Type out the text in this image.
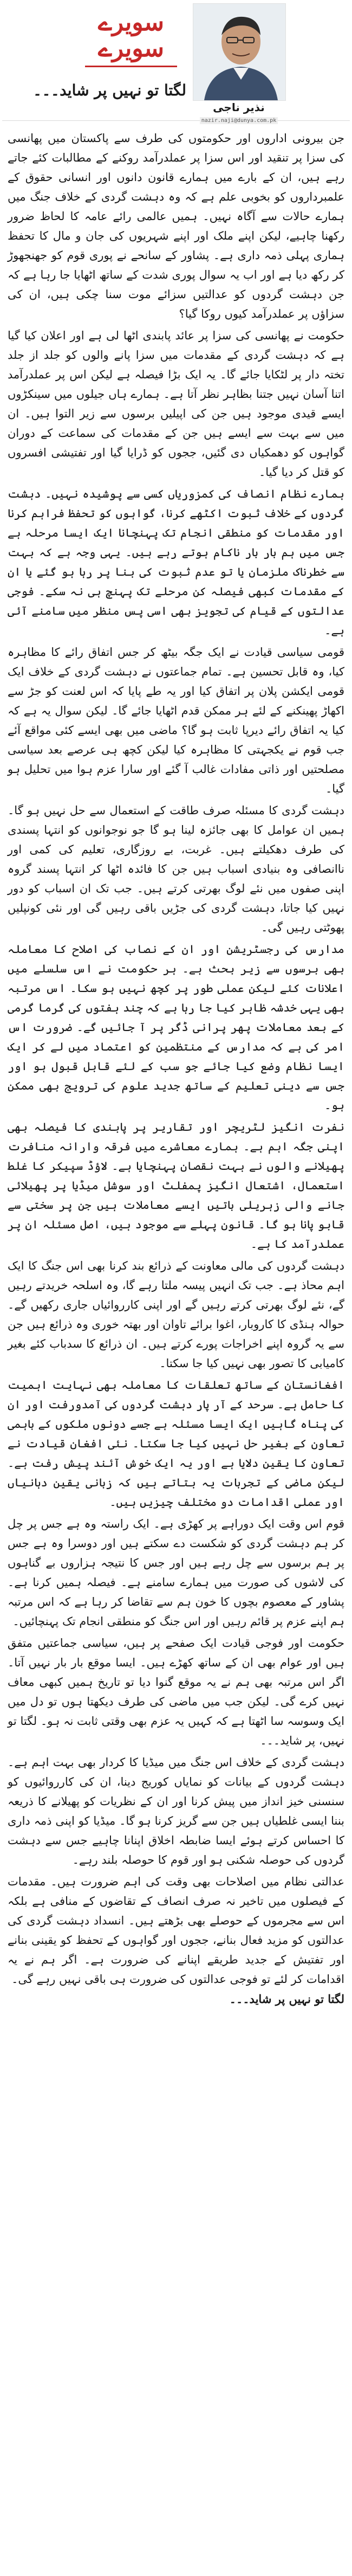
سویرے سویرے
لگتا تو نہیں پر شاید۔۔۔
نذیر ناجی
nazir.naji@dunya.com.pk

جن بیرونی اداروں اور حکومتوں کی طرف سے پاکستان میں پھانسی کی سزا پر تنقید اور اس سزا پر عملدرآمد روکنے کے مطالبات کئے جاتے رہے ہیں، ان کے بارے میں ہمارے قانون دانوں اور انسانی حقوق کے علمبرداروں کو بخوبی علم ہے کہ وہ دہشت گردی کے خلاف جنگ میں ہمارے حالات سے آگاہ نہیں۔ ہمیں عالمی رائے عامہ کا لحاظ ضرور رکھنا چاہیے، لیکن اپنے ملک اور اپنے شہریوں کی جان و مال کا تحفظ ہماری پہلی ذمہ داری ہے۔ پشاور کے سانحے نے پوری قوم کو جھنجھوڑ کر رکھ دیا ہے اور اب یہ سوال پوری شدت کے ساتھ اٹھایا جا رہا ہے کہ جن دہشت گردوں کو عدالتیں سزائے موت سنا چکی ہیں، ان کی سزاؤں پر عملدرآمد کیوں روکا گیا؟

حکومت نے پھانسی کی سزا پر عائد پابندی اٹھا لی ہے اور اعلان کیا گیا ہے کہ دہشت گردی کے مقدمات میں سزا پانے والوں کو جلد از جلد تختہ دار پر لٹکایا جائے گا۔ یہ ایک بڑا فیصلہ ہے لیکن اس پر عملدرآمد اتنا آسان نہیں جتنا بظاہر نظر آتا ہے۔ ہمارے ہاں جیلوں میں سینکڑوں ایسے قیدی موجود ہیں جن کی اپیلیں برسوں سے زیر التوا ہیں۔ ان میں سے بہت سے ایسے ہیں جن کے مقدمات کی سماعت کے دوران گواہوں کو دھمکیاں دی گئیں، ججوں کو ڈرایا گیا اور تفتیشی افسروں کو قتل کر دیا گیا۔

ہمارے نظام انصاف کی کمزوریاں کسی سے پوشیدہ نہیں۔ دہشت گردوں کے خلاف ثبوت اکٹھے کرنا، گواہوں کو تحفظ فراہم کرنا اور مقدمات کو منطقی انجام تک پہنچانا ایک ایسا مرحلہ ہے جس میں ہم بار بار ناکام ہوتے رہے ہیں۔ یہی وجہ ہے کہ بہت سے خطرناک ملزمان یا تو عدم ثبوت کی بنا پر رہا ہو گئے یا ان کے مقدمات کبھی فیصلہ کن مرحلے تک پہنچ ہی نہ سکے۔ فوجی عدالتوں کے قیام کی تجویز بھی اسی پس منظر میں سامنے آئی ہے۔

قومی سیاسی قیادت نے ایک جگہ بیٹھ کر جس اتفاق رائے کا مظاہرہ کیا، وہ قابل تحسین ہے۔ تمام جماعتوں نے دہشت گردی کے خلاف ایک قومی ایکشن پلان پر اتفاق کیا اور یہ طے پایا کہ اس لعنت کو جڑ سے اکھاڑ پھینکنے کے لئے ہر ممکن قدم اٹھایا جائے گا۔ لیکن سوال یہ ہے کہ کیا یہ اتفاق رائے دیرپا ثابت ہو گا؟ ماضی میں بھی ایسے کئی مواقع آئے جب قوم نے یکجہتی کا مظاہرہ کیا لیکن کچھ ہی عرصے بعد سیاسی مصلحتیں اور ذاتی مفادات غالب آ گئے اور سارا عزم ہوا میں تحلیل ہو گیا۔

دہشت گردی کا مسئلہ صرف طاقت کے استعمال سے حل نہیں ہو گا۔ ہمیں ان عوامل کا بھی جائزہ لینا ہو گا جو نوجوانوں کو انتہا پسندی کی طرف دھکیلتے ہیں۔ غربت، بے روزگاری، تعلیم کی کمی اور ناانصافی وہ بنیادی اسباب ہیں جن کا فائدہ اٹھا کر انتہا پسند گروہ اپنی صفوں میں نئے لوگ بھرتی کرتے ہیں۔ جب تک ان اسباب کو دور نہیں کیا جاتا، دہشت گردی کی جڑیں باقی رہیں گی اور نئی کونپلیں پھوٹتی رہیں گی۔

مدارس کی رجسٹریشن اور ان کے نصاب کی اصلاح کا معاملہ بھی برسوں سے زیر بحث ہے۔ ہر حکومت نے اس سلسلے میں اعلانات کئے لیکن عملی طور پر کچھ نہیں ہو سکا۔ اس مرتبہ بھی یہی خدشہ ظاہر کیا جا رہا ہے کہ چند ہفتوں کی گرما گرمی کے بعد معاملات پھر پرانی ڈگر پر آ جائیں گے۔ ضرورت اس امر کی ہے کہ مدارس کے منتظمین کو اعتماد میں لے کر ایک ایسا نظام وضع کیا جائے جو سب کے لئے قابل قبول ہو اور جس سے دینی تعلیم کے ساتھ جدید علوم کی ترویج بھی ممکن ہو۔

نفرت انگیز لٹریچر اور تقاریر پر پابندی کا فیصلہ بھی اپنی جگہ اہم ہے۔ ہمارے معاشرے میں فرقہ وارانہ منافرت پھیلانے والوں نے بہت نقصان پہنچایا ہے۔ لاؤڈ سپیکر کا غلط استعمال، اشتعال انگیز پمفلٹ اور سوشل میڈیا پر پھیلائی جانے والی زہریلی باتیں ایسے معاملات ہیں جن پر سختی سے قابو پانا ہو گا۔ قانون پہلے سے موجود ہیں، اصل مسئلہ ان پر عملدرآمد کا ہے۔

دہشت گردوں کی مالی معاونت کے ذرائع بند کرنا بھی اس جنگ کا ایک اہم محاذ ہے۔ جب تک انہیں پیسہ ملتا رہے گا، وہ اسلحہ خریدتے رہیں گے، نئے لوگ بھرتی کرتے رہیں گے اور اپنی کارروائیاں جاری رکھیں گے۔ حوالہ ہنڈی کا کاروبار، اغوا برائے تاوان اور بھتہ خوری وہ ذرائع ہیں جن سے یہ گروہ اپنے اخراجات پورے کرتے ہیں۔ ان ذرائع کا سدباب کئے بغیر کامیابی کا تصور بھی نہیں کیا جا سکتا۔

افغانستان کے ساتھ تعلقات کا معاملہ بھی نہایت اہمیت کا حامل ہے۔ سرحد کے آر پار دہشت گردوں کی آمدورفت اور ان کی پناہ گاہیں ایک ایسا مسئلہ ہے جسے دونوں ملکوں کے باہمی تعاون کے بغیر حل نہیں کیا جا سکتا۔ نئی افغان قیادت نے تعاون کا یقین دلایا ہے اور یہ ایک خوش آئند پیش رفت ہے۔ لیکن ماضی کے تجربات یہ بتاتے ہیں کہ زبانی یقین دہانیاں اور عملی اقدامات دو مختلف چیزیں ہیں۔

قوم اس وقت ایک دوراہے پر کھڑی ہے۔ ایک راستہ وہ ہے جس پر چل کر ہم دہشت گردی کو شکست دے سکتے ہیں اور دوسرا وہ ہے جس پر ہم برسوں سے چل رہے ہیں اور جس کا نتیجہ ہزاروں بے گناہوں کی لاشوں کی صورت میں ہمارے سامنے ہے۔ فیصلہ ہمیں کرنا ہے۔ پشاور کے معصوم بچوں کا خون ہم سے تقاضا کر رہا ہے کہ اس مرتبہ ہم اپنے عزم پر قائم رہیں اور اس جنگ کو منطقی انجام تک پہنچائیں۔

حکومت اور فوجی قیادت ایک صفحے پر ہیں، سیاسی جماعتیں متفق ہیں اور عوام بھی ان کے ساتھ کھڑے ہیں۔ ایسا موقع بار بار نہیں آتا۔ اگر اس مرتبہ بھی ہم نے یہ موقع گنوا دیا تو تاریخ ہمیں کبھی معاف نہیں کرے گی۔ لیکن جب میں ماضی کی طرف دیکھتا ہوں تو دل میں ایک وسوسہ سا اٹھتا ہے کہ کہیں یہ عزم بھی وقتی ثابت نہ ہو۔ لگتا تو نہیں، پر شاید۔۔۔

دہشت گردی کے خلاف اس جنگ میں میڈیا کا کردار بھی بہت اہم ہے۔ دہشت گردوں کے بیانات کو نمایاں کوریج دینا، ان کی کارروائیوں کو سنسنی خیز انداز میں پیش کرنا اور ان کے نظریات کو پھیلانے کا ذریعہ بننا ایسی غلطیاں ہیں جن سے گریز کرنا ہو گا۔ میڈیا کو اپنی ذمہ داری کا احساس کرتے ہوئے ایسا ضابطہ اخلاق اپنانا چاہیے جس سے دہشت گردوں کی حوصلہ شکنی ہو اور قوم کا حوصلہ بلند رہے۔

عدالتی نظام میں اصلاحات بھی وقت کی اہم ضرورت ہیں۔ مقدمات کے فیصلوں میں تاخیر نہ صرف انصاف کے تقاضوں کے منافی ہے بلکہ اس سے مجرموں کے حوصلے بھی بڑھتے ہیں۔ انسداد دہشت گردی کی عدالتوں کو مزید فعال بنانے، ججوں اور گواہوں کے تحفظ کو یقینی بنانے اور تفتیش کے جدید طریقے اپنانے کی ضرورت ہے۔ اگر ہم نے یہ اقدامات کر لئے تو فوجی عدالتوں کی ضرورت ہی باقی نہیں رہے گی۔

لگتا تو نہیں پر شاید۔۔۔
